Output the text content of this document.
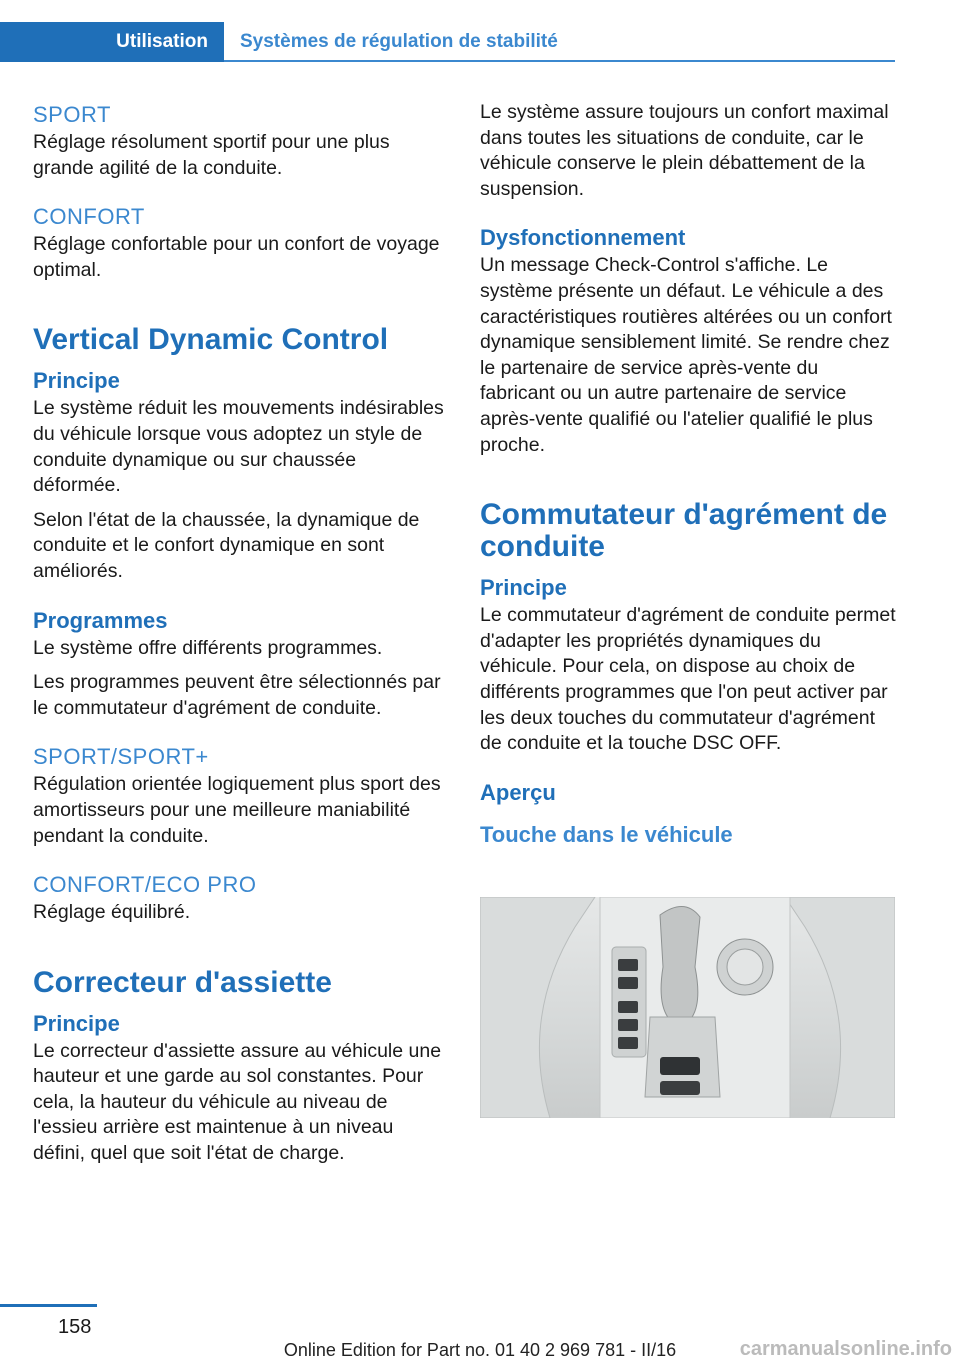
Utilisation	Systèmes de régulation de stabilité
SPORT

Réglage résolument sportif pour une plus grande agilité de la conduite.

CONFORT

Réglage confortable pour un confort de voyage optimal.

Vertical Dynamic Control
Principe

Le système réduit les mouvements indésirables du véhicule lorsque vous adoptez un style de conduite dynamique ou sur chaussée déformée.

Selon l'état de la chaussée, la dynamique de conduite et le confort dynamique en sont améliorés.

Programmes

Le système offre différents programmes.

Les programmes peuvent être sélectionnés par le commutateur d'agrément de conduite.

SPORT/SPORT+

Régulation orientée logiquement plus sport des amortisseurs pour une meilleure maniabilité pendant la conduite.

CONFORT/ECO PRO

Réglage équilibré.

Correcteur d'assiette
Principe

Le correcteur d'assiette assure au véhicule une hauteur et une garde au sol constantes. Pour cela, la hauteur du véhicule au niveau de l'essieu arrière est maintenue à un niveau défini, quel que soit l'état de charge.

Le système assure toujours un confort maximal dans toutes les situations de conduite, car le véhicule conserve le plein débattement de la suspension.

Dysfonctionnement

Un message Check-Control s'affiche. Le système présente un défaut. Le véhicule a des caractéristiques routières altérées ou un confort dynamique sensiblement limité. Se rendre chez le partenaire de service après-vente du fabricant ou un autre partenaire de service après-vente qualifié ou l'atelier qualifié le plus proche.

Commutateur d'agrément de conduite
Principe

Le commutateur d'agrément de conduite permet d'adapter les propriétés dynamiques du véhicule. Pour cela, on dispose au choix de différents programmes que l'on peut activer par les deux touches du commutateur d'agrément de conduite et la touche DSC OFF.

Aperçu
Touche dans le véhicule
158
Online Edition for Part no. 01 40 2 969 781 - II/16	carmanualsonline.info
